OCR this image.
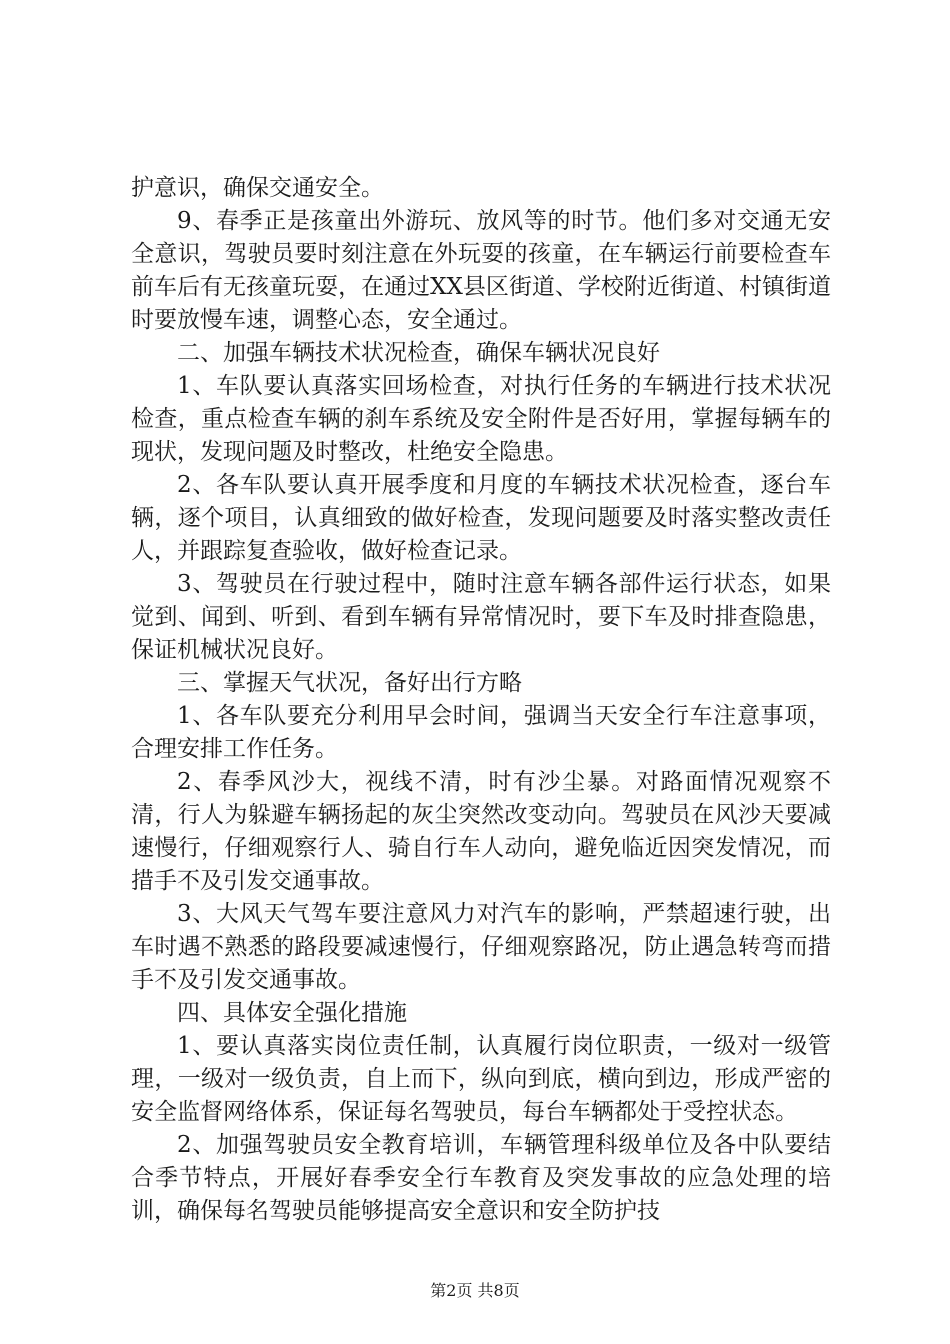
护意识，确保交通安全。

9、春季正是孩童出外游玩、放风等的时节。他们多对交通无安全意识，驾驶员要时刻注意在外玩耍的孩童，在车辆运行前要检查车前车后有无孩童玩耍，在通过XX县区街道、学校附近街道、村镇街道时要放慢车速，调整心态，安全通过。

二、加强车辆技术状况检查，确保车辆状况良好

1、车队要认真落实回场检查，对执行任务的车辆进行技术状况检查，重点检查车辆的刹车系统及安全附件是否好用，掌握每辆车的现状，发现问题及时整改，杜绝安全隐患。

2、各车队要认真开展季度和月度的车辆技术状况检查，逐台车辆，逐个项目，认真细致的做好检查，发现问题要及时落实整改责任人，并跟踪复查验收，做好检查记录。

3、驾驶员在行驶过程中，随时注意车辆各部件运行状态，如果觉到、闻到、听到、看到车辆有异常情况时，要下车及时排查隐患，保证机械状况良好。

三、掌握天气状况，备好出行方略

1、各车队要充分利用早会时间，强调当天安全行车注意事项，合理安排工作任务。

2、春季风沙大，视线不清，时有沙尘暴。对路面情况观察不清，行人为躲避车辆扬起的灰尘突然改变动向。驾驶员在风沙天要减速慢行，仔细观察行人、骑自行车人动向，避免临近因突发情况，而措手不及引发交通事故。

3、大风天气驾车要注意风力对汽车的影响，严禁超速行驶，出车时遇不熟悉的路段要减速慢行，仔细观察路况，防止遇急转弯而措手不及引发交通事故。

四、具体安全强化措施

1、要认真落实岗位责任制，认真履行岗位职责，一级对一级管理，一级对一级负责，自上而下，纵向到底，横向到边，形成严密的安全监督网络体系，保证每名驾驶员，每台车辆都处于受控状态。

2、加强驾驶员安全教育培训，车辆管理科级单位及各中队要结合季节特点，开展好春季安全行车教育及突发事故的应急处理的培训，确保每名驾驶员能够提高安全意识和安全防护技

第2页 共8页
